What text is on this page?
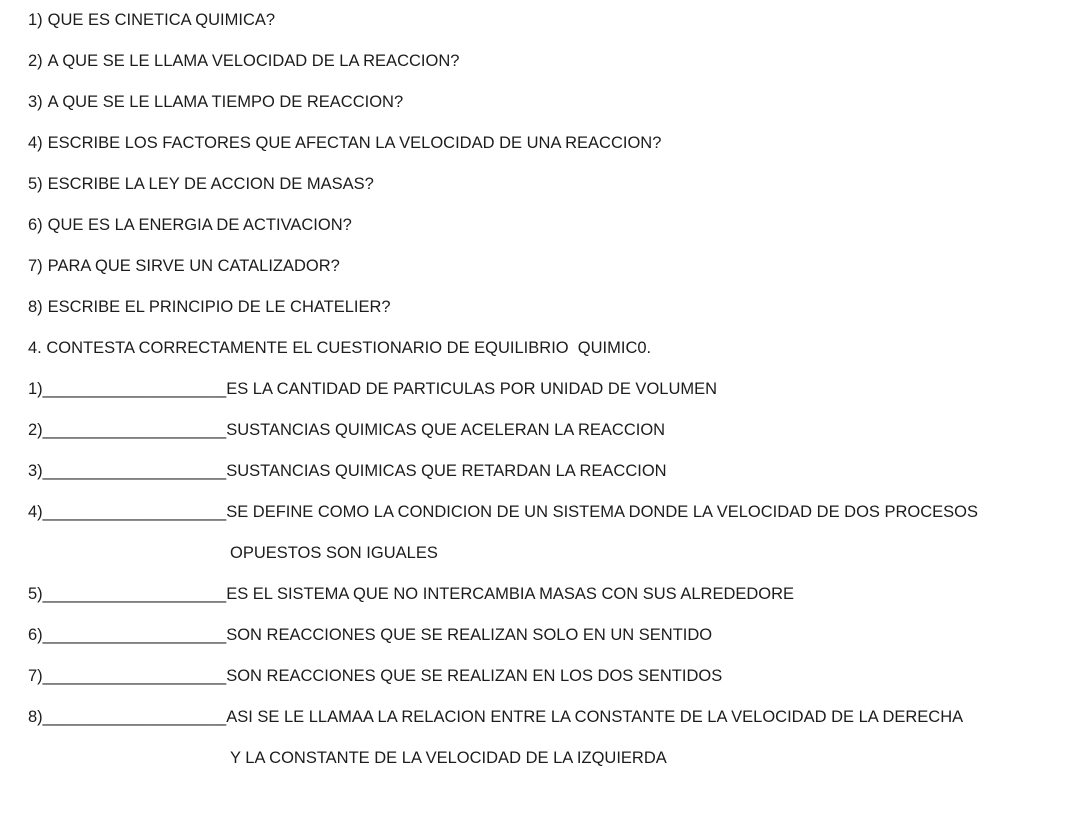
1) QUE ES CINETICA QUIMICA?
2) A QUE SE LE LLAMA VELOCIDAD DE LA REACCION?
3) A QUE SE LE LLAMA TIEMPO DE REACCION?
4) ESCRIBE LOS FACTORES QUE AFECTAN LA VELOCIDAD DE UNA REACCION?
5) ESCRIBE LA LEY DE ACCION DE MASAS?
6) QUE ES LA ENERGIA DE ACTIVACION?
7) PARA QUE SIRVE UN CATALIZADOR?
8) ESCRIBE EL PRINCIPIO DE LE CHATELIER?
4. CONTESTA CORRECTAMENTE EL CUESTIONARIO DE EQUILIBRIO  QUIMIC0.
1) ____________________ ES LA CANTIDAD DE PARTICULAS POR UNIDAD DE VOLUMEN
2) ____________________ SUSTANCIAS QUIMICAS QUE ACELERAN LA REACCION
3) ____________________ SUSTANCIAS QUIMICAS QUE RETARDAN LA REACCION
4) ____________________ SE DEFINE COMO LA CONDICION DE UN SISTEMA DONDE LA VELOCIDAD DE DOS PROCESOS
OPUESTOS SON IGUALES
5) ____________________ ES EL SISTEMA QUE NO INTERCAMBIA MASAS CON SUS ALREDEDORE
6) ____________________ SON REACCIONES QUE SE REALIZAN SOLO EN UN SENTIDO
7) ____________________ SON REACCIONES QUE SE REALIZAN EN LOS DOS SENTIDOS
8) ____________________ ASI SE LE LLAMAA LA RELACION ENTRE LA CONSTANTE DE LA VELOCIDAD DE LA DERECHA
Y LA CONSTANTE DE LA VELOCIDAD DE LA IZQUIERDA
